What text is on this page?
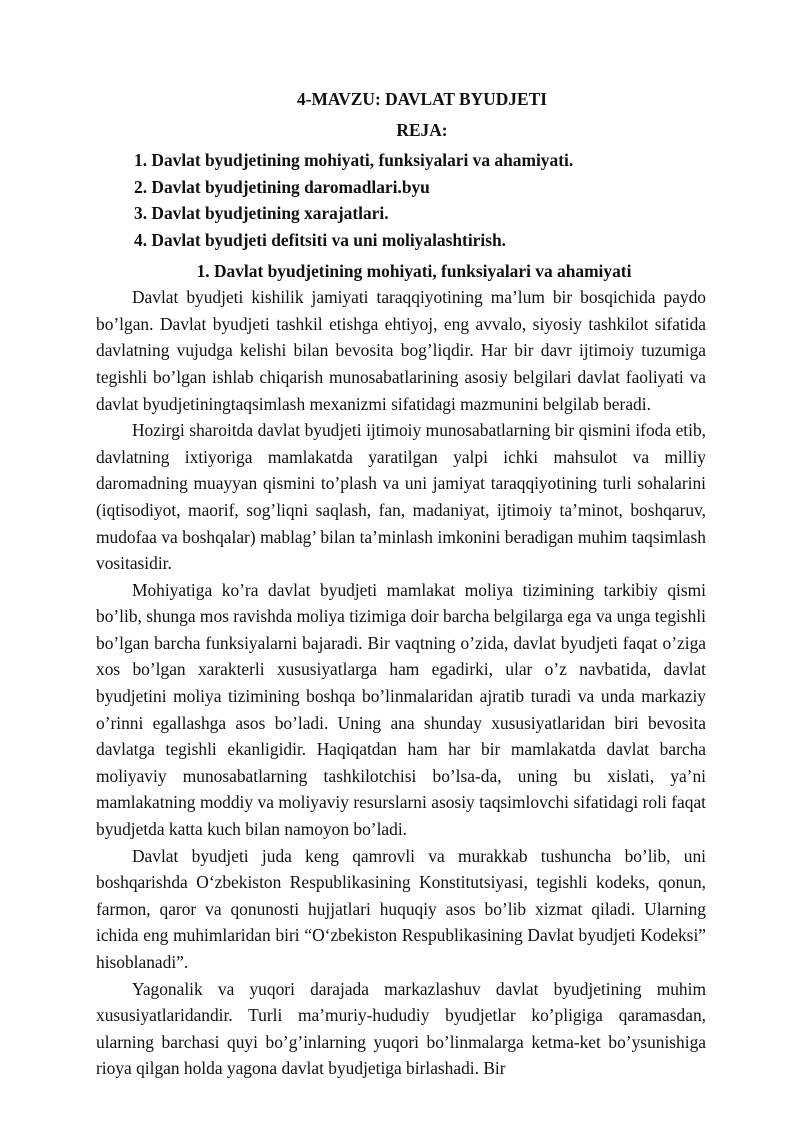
4-MAVZU: DAVLAT BYUDJETI
REJA:
1. Davlat byudjetining mohiyati, funksiyalari va ahamiyati.
2. Davlat byudjetining daromadlari.byu
3. Davlat byudjetining xarajatlari.
4. Davlat byudjeti defitsiti va uni moliyalashtirish.
1. Davlat byudjetining mohiyati, funksiyalari va ahamiyati

Davlat byudjeti kishilik jamiyati taraqqiyotining ma’lum bir bosqichida paydo bo’lgan. Davlat byudjeti tashkil etishga ehtiyoj, eng avvalo, siyosiy tashkilot sifatida davlatning vujudga kelishi bilan bevosita bog’liqdir. Har bir davr ijtimoiy tuzumiga tegishli bo’lgan ishlab chiqarish munosabatlarining asosiy belgilari davlat faoliyati va davlat byudjetiningtaqsimlash mexanizmi sifatidagi mazmunini belgilab beradi.

Hozirgi sharoitda davlat byudjeti ijtimoiy munosabatlarning bir qismini ifoda etib, davlatning ixtiyoriga mamlakatda yaratilgan yalpi ichki mahsulot va milliy daromadning muayyan qismini to’plash va uni jamiyat taraqqiyotining turli sohalarini (iqtisodiyot, maorif, sog’liqni saqlash, fan, madaniyat, ijtimoiy ta’minot, boshqaruv, mudofaa va boshqalar) mablag’ bilan ta’minlash imkonini beradigan muhim taqsimlash vositasidir.

Mohiyatiga ko’ra davlat byudjeti mamlakat moliya tizimining tarkibiy qismi bo’lib, shunga mos ravishda moliya tizimiga doir barcha belgilarga ega va unga tegishli bo’lgan barcha funksiyalarni bajaradi. Bir vaqtning o’zida, davlat byudjeti faqat o’ziga xos bo’lgan xarakterli xususiyatlarga ham egadirki, ular o’z navbatida, davlat byudjetini moliya tizimining boshqa bo’linmalaridan ajratib turadi va unda markaziy o’rinni egallashga asos bo’ladi. Uning ana shunday xususiyatlaridan biri bevosita davlatga tegishli ekanligidir. Haqiqatdan ham har bir mamlakatda davlat barcha moliyaviy munosabatlarning tashkilotchisi bo’lsa-da, uning bu xislati, ya’ni mamlakatning moddiy va moliyaviy resurslarni asosiy taqsimlovchi sifatidagi roli faqat byudjetda katta kuch bilan namoyon bo’ladi.

Davlat byudjeti juda keng qamrovli va murakkab tushuncha bo’lib, uni boshqarishda O‘zbekiston Respublikasining Konstitutsiyasi, tegishli kodeks, qonun, farmon, qaror va qonunosti hujjatlari huquqiy asos bo’lib xizmat qiladi. Ularning ichida eng muhimlaridan biri “O‘zbekiston Respublikasining Davlat byudjeti Kodeksi” hisoblanadi”.

Yagonalik va yuqori darajada markazlashuv davlat byudjetining muhim xususiyatlaridandir. Turli ma’muriy-hududiy byudjetlar ko’pligiga qaramasdan, ularning barchasi quyi bo’g’inlarning yuqori bo’linmalarga ketma-ket bo’ysunishiga rioya qilgan holda yagona davlat byudjetiga birlashadi. Bir
